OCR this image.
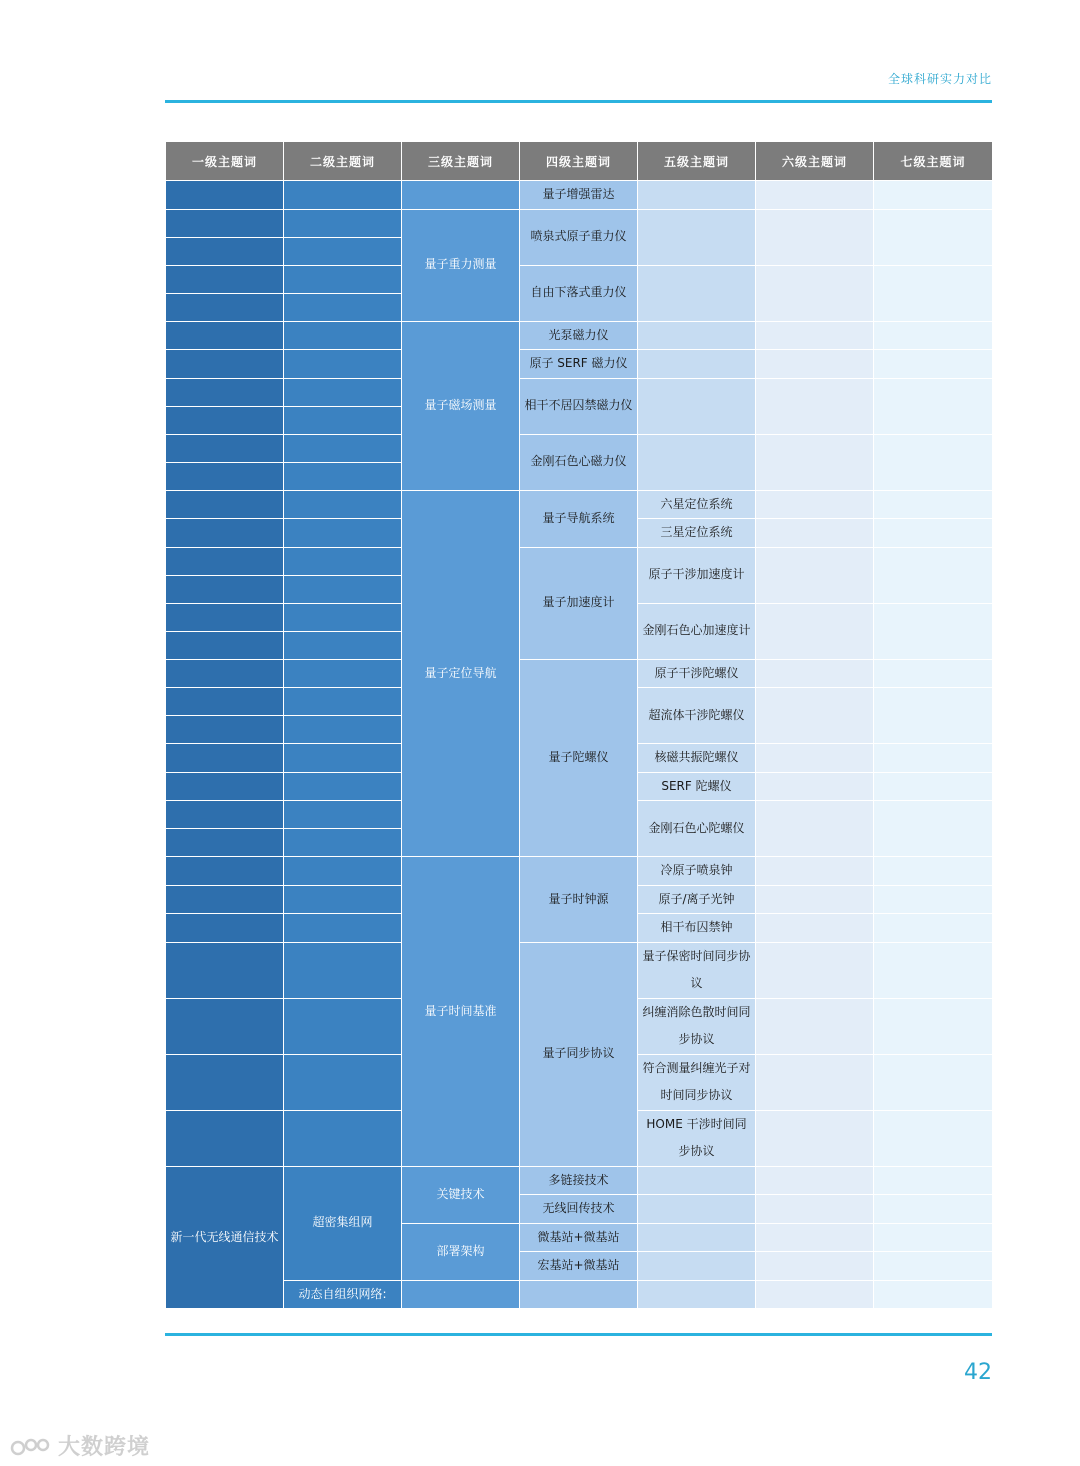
全球科研实力对比
一级主题词	二级主题词	三级主题词	四级主题词	五级主题词	六级主题词	七级主题词
			量子增强雷达			
		量子重力测量	喷泉式原子重力仪			

			自由下落式重力仪			

		量子磁场测量	光泵磁力仪			
			原子 SERF 磁力仪			
			相干不居囚禁磁力仪			

			金刚石色心磁力仪			

		量子定位导航	量子导航系统	六星定位系统		
				三星定位系统		
			量子加速度计	原子干涉加速度计		

				金刚石色心加速度计		

			量子陀螺仪	原子干涉陀螺仪		
				超流体干涉陀螺仪		

				核磁共振陀螺仪		
				SERF 陀螺仪		
				金刚石色心陀螺仪		

		量子时间基准	量子时钟源	冷原子喷泉钟		
				原子/离子光钟		
				相干布囚禁钟		
			量子同步协议	量子保密时间同步协议		

				纠缠消除色散时间同步协议		

				符合测量纠缠光子对时间同步协议		

				HOME 干涉时间同步协议		

新一代无线通信技术	超密集组网	关键技术	多链接技术			
			无线回传技术			
		部署架构	微基站+微基站			
			宏基站+微基站			
	动态自组织网络:					
42
大数跨境
